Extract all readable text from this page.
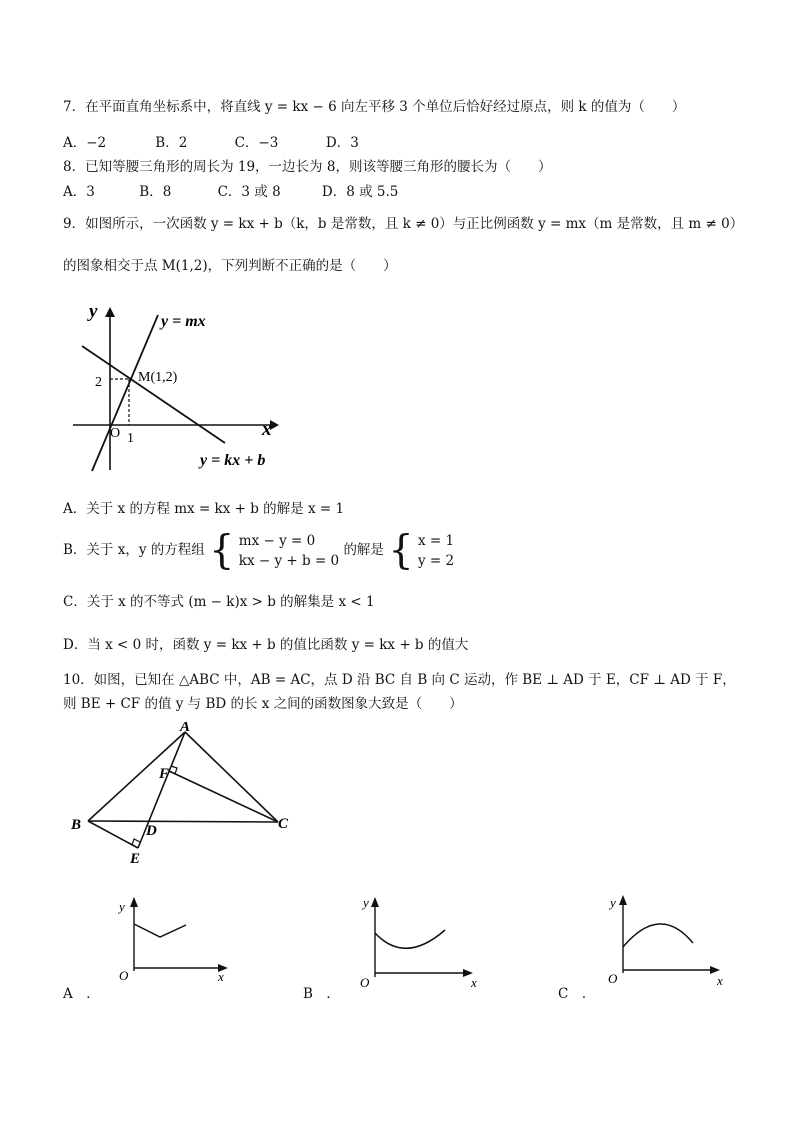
7．在平面直角坐标系中，将直线 y = kx − 6 向左平移 3 个单位后恰好经过原点，则 k 的值为（　　）
A．−2	B．2	C．−3	D．3
8．已知等腰三角形的周长为 19，一边长为 8，则该等腰三角形的腰长为（　　）
A．3	B．8	C．3 或 8	D．8 或 5.5
9．如图所示，一次函数 y = kx + b（k，b 是常数，且 k ≠ 0）与正比例函数 y = mx（m 是常数，且 m ≠ 0）
的图象相交于点 M(1,2)，下列判断不正确的是（　　）
y
x
O 1
2	M(1,2)
y = mx
y = kx + b
A．关于 x 的方程 mx = kx + b 的解是 x = 1
B．关于 x，y 的方程组 { mx − y = 0
kx − y + b = 0
的解是 { x = 1
y = 2
C．关于 x 的不等式 (m − k)x > b 的解集是 x < 1
D．当 x < 0 时，函数 y = kx + b 的值比函数 y = kx + b 的值大
10．如图，已知在 △ABC 中，AB = AC，点 D 沿 BC 自 B 向 C 运动，作 BE ⊥ AD 于 E，CF ⊥ AD 于 F，
则 BE + CF 的值 y 与 BD 的长 x 之间的函数图象大致是（　　）
A
B	C
D
E
F
A　．
y
O	x
B　．
y
O	x
C　．
y
O	x
